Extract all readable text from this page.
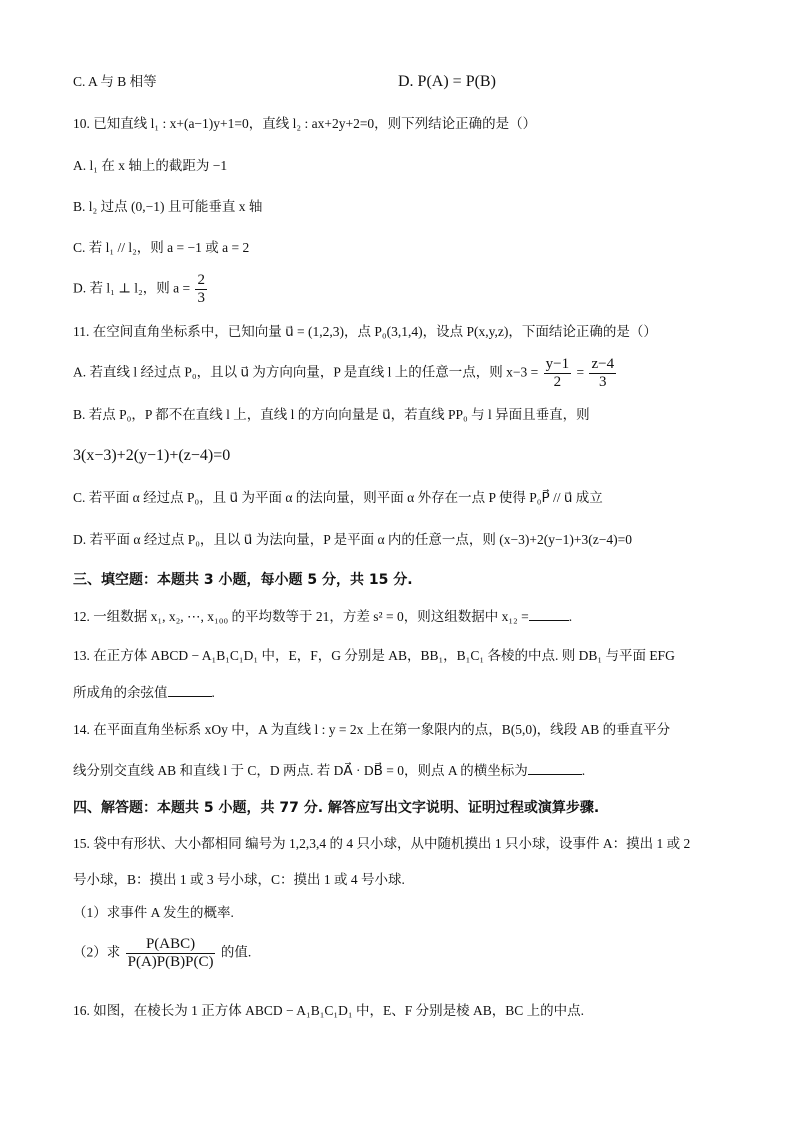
C. A 与 B 相等	D. P(A) = P(B)
10. 已知直线 l₁ : x+(a−1)y+1=0，直线 l₂ : ax+2y+2=0，则下列结论正确的是（）
A. l₁ 在 x 轴上的截距为 −1
B. l₂ 过点 (0,−1) 且可能垂直 x 轴
C. 若 l₁ // l₂，则 a = −1 或 a = 2
D. 若 l₁ ⊥ l₂，则 $a = \frac{2}{3}$
11. 在空间直角坐标系中，已知向量 u⃗ = (1,2,3)，点 P₀(3,1,4)，设点 P(x,y,z)，下面结论正确的是（）
A. 若直线 l 经过点 P₀，且以 u⃗ 为方向向量，P 是直线 l 上的任意一点，则 $x-3 = \frac{y-1}{2} = \frac{z-4}{3}$
B. 若点 P₀，P 都不在直线 l 上，直线 l 的方向向量是 u⃗，若直线 PP₀ 与 l 异面且垂直，则
3(x−3)+2(y−1)+(z−4)=0
C. 若平面 α 经过点 P₀，且 u⃗ 为平面 α 的法向量，则平面 α 外存在一点 P 使得 P₀P⃗ // u⃗ 成立
D. 若平面 α 经过点 P₀，且以 u⃗ 为法向量，P 是平面 α 内的任意一点，则 (x−3)+2(y−1)+3(z−4)=0
三、填空题：本题共 3 小题，每小题 5 分，共 15 分.
12. 一组数据 x₁, x₂, ⋯, x₁₀₀ 的平均数等于 21，方差 s² = 0，则这组数据中 x₁₂ =	.
13. 在正方体 ABCD − A₁B₁C₁D₁ 中，E，F，G 分别是 AB，BB₁，B₁C₁ 各棱的中点. 则 DB₁ 与平面 EFG
所成角的余弦值	.
14. 在平面直角坐标系 xOy 中，A 为直线 l : y = 2x 上在第一象限内的点，B(5,0)，线段 AB 的垂直平分
线分别交直线 AB 和直线 l 于 C，D 两点. 若 DA⃗ · DB⃗ = 0，则点 A 的横坐标为	.
四、解答题：本题共 5 小题，共 77 分. 解答应写出文字说明、证明过程或演算步骤.
15. 袋中有形状、大小都相同 编号为 1,2,3,4 的 4 只小球，从中随机摸出 1 只小球，设事件 A：摸出 1 或 2
号小球，B：摸出 1 或 3 号小球，C：摸出 1 或 4 号小球.
（1）求事件 A 发生的概率.
（2）求 $\frac{\text{P(ABC)}}{P(A)P(B)P(C)}$ 的值.
16. 如图，在棱长为 1 正方体 ABCD − A₁B₁C₁D₁ 中，E、F 分别是棱 AB，BC 上的中点.
